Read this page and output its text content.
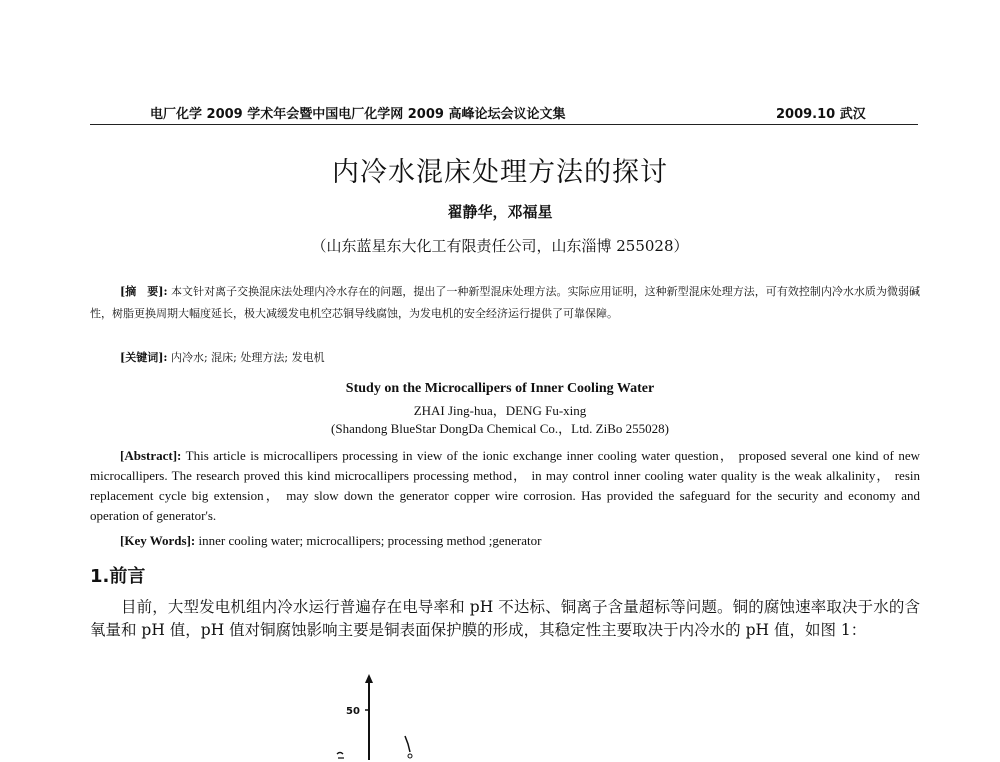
电厂化学 2009 学术年会暨中国电厂化学网 2009 高峰论坛会议论文集	2009.10 武汉
内冷水混床处理方法的探讨
翟静华，邓福星
（山东蓝星东大化工有限责任公司，山东淄博 255028）
[摘　要]: 本文针对离子交换混床法处理内冷水存在的问题，提出了一种新型混床处理方法。实际应用证明，这种新型混床处理方法，可有效控制内冷水水质为微弱碱性，树脂更换周期大幅度延长，极大减缓发电机空芯铜导线腐蚀，为发电机的安全经济运行提供了可靠保障。
[关键词]: 内冷水; 混床; 处理方法; 发电机
Study on the Microcallipers of Inner Cooling Water
ZHAI Jing-hua，DENG Fu-xing
(Shandong BlueStar DongDa Chemical Co.，Ltd. ZiBo 255028)
[Abstract]: This article is microcallipers processing in view of the ionic exchange inner cooling water question， proposed several one kind of new microcallipers. The research proved this kind microcallipers processing method， in may control inner cooling water quality is the weak alkalinity， resin replacement cycle big extension， may slow down the generator copper wire corrosion. Has provided the safeguard for the security and economy and operation of generator's.
[Key Words]: inner cooling water; microcallipers; processing method ;generator
1.前言
目前，大型发电机组内冷水运行普遍存在电导率和 pH 不达标、铜离子含量超标等问题。铜的腐蚀速率取决于水的含氧量和 pH 值，pH 值对铜腐蚀影响主要是铜表面保护膜的形成，其稳定性主要取决于内冷水的 pH 值，如图 1：
50
